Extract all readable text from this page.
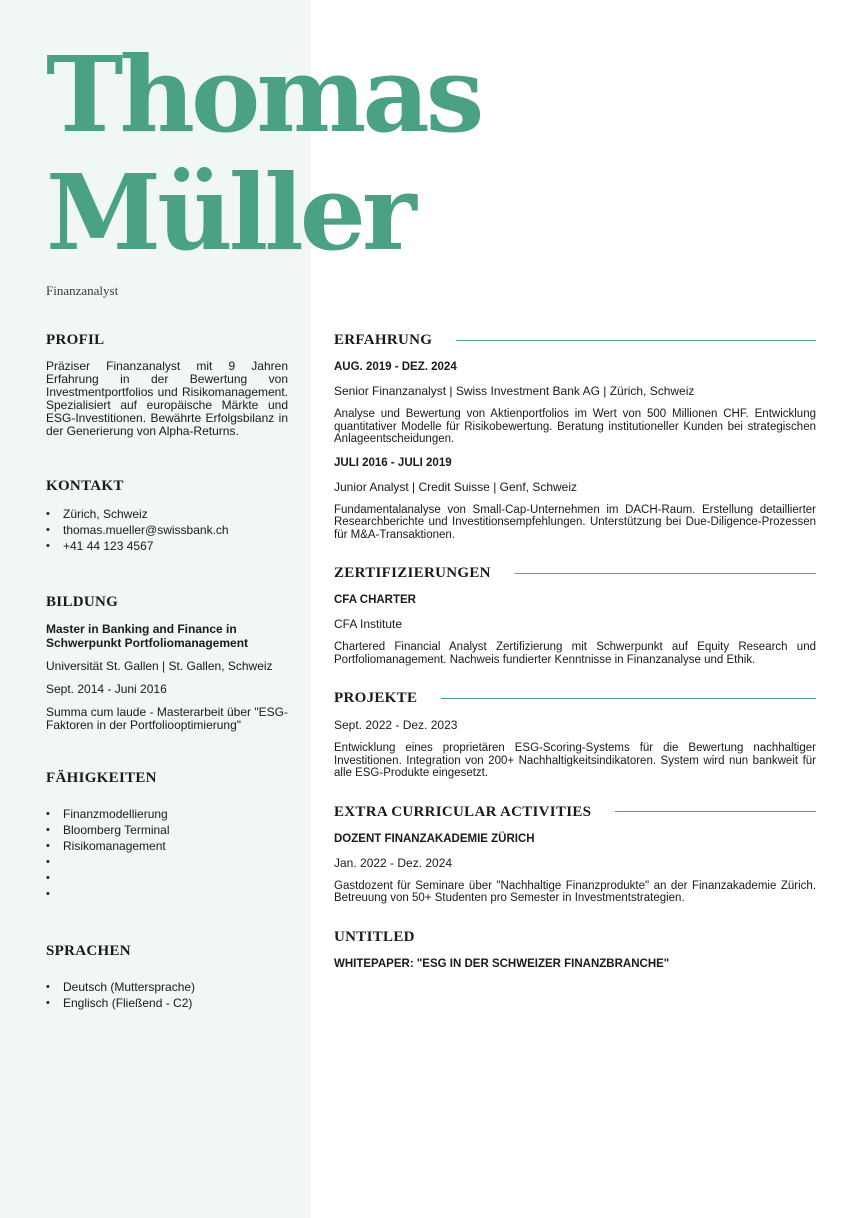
Thomas
Müller
Finanzanalyst
PROFIL

Präziser Finanzanalyst mit 9 Jahren Erfahrung in der Bewertung von Investmentportfolios und Risikomanagement. Spezialisiert auf europäische Märkte und ESG-Investitionen. Bewährte Erfolgsbilanz in der Generierung von Alpha-Returns.

KONTAKT
• Zürich, Schweiz
• thomas.mueller@swissbank.ch
• +41 44 123 4567
BILDUNG

Master in Banking and Finance in Schwerpunkt Portfoliomanagement

Universität St. Gallen | St. Gallen, Schweiz

Sept. 2014 - Juni 2016

Summa cum laude - Masterarbeit über "ESG-Faktoren in der Portfoliooptimierung"

FÄHIGKEITEN
• Finanzmodellierung
• Bloomberg Terminal
• Risikomanagement
•
•
•
SPRACHEN
• Deutsch (Muttersprache)
• Englisch (Fließend - C2)
ERFAHRUNG

AUG. 2019 - DEZ. 2024

Senior Finanzanalyst | Swiss Investment Bank AG | Zürich, Schweiz

Analyse und Bewertung von Aktienportfolios im Wert von 500 Millionen CHF. Entwicklung quantitativer Modelle für Risikobewertung. Beratung institutioneller Kunden bei strategischen Anlageentscheidungen.

JULI 2016 - JULI 2019

Junior Analyst | Credit Suisse | Genf, Schweiz

Fundamentalanalyse von Small-Cap-Unternehmen im DACH-Raum. Erstellung detaillierter Researchberichte und Investitionsempfehlungen. Unterstützung bei Due-Diligence-Prozessen für M&A-Transaktionen.

ZERTIFIZIERUNGEN

CFA CHARTER

CFA Institute

Chartered Financial Analyst Zertifizierung mit Schwerpunkt auf Equity Research und Portfoliomanagement. Nachweis fundierter Kenntnisse in Finanzanalyse und Ethik.

PROJEKTE

Sept. 2022 - Dez. 2023

Entwicklung eines proprietären ESG-Scoring-Systems für die Bewertung nachhaltiger Investitionen. Integration von 200+ Nachhaltigkeitsindikatoren. System wird nun bankweit für alle ESG-Produkte eingesetzt.

EXTRA CURRICULAR ACTIVITIES

DOZENT FINANZAKADEMIE ZÜRICH

Jan. 2022 - Dez. 2024

Gastdozent für Seminare über "Nachhaltige Finanzprodukte" an der Finanzakademie Zürich. Betreuung von 50+ Studenten pro Semester in Investmentstrategien.

UNTITLED

WHITEPAPER: "ESG IN DER SCHWEIZER FINANZBRANCHE"
